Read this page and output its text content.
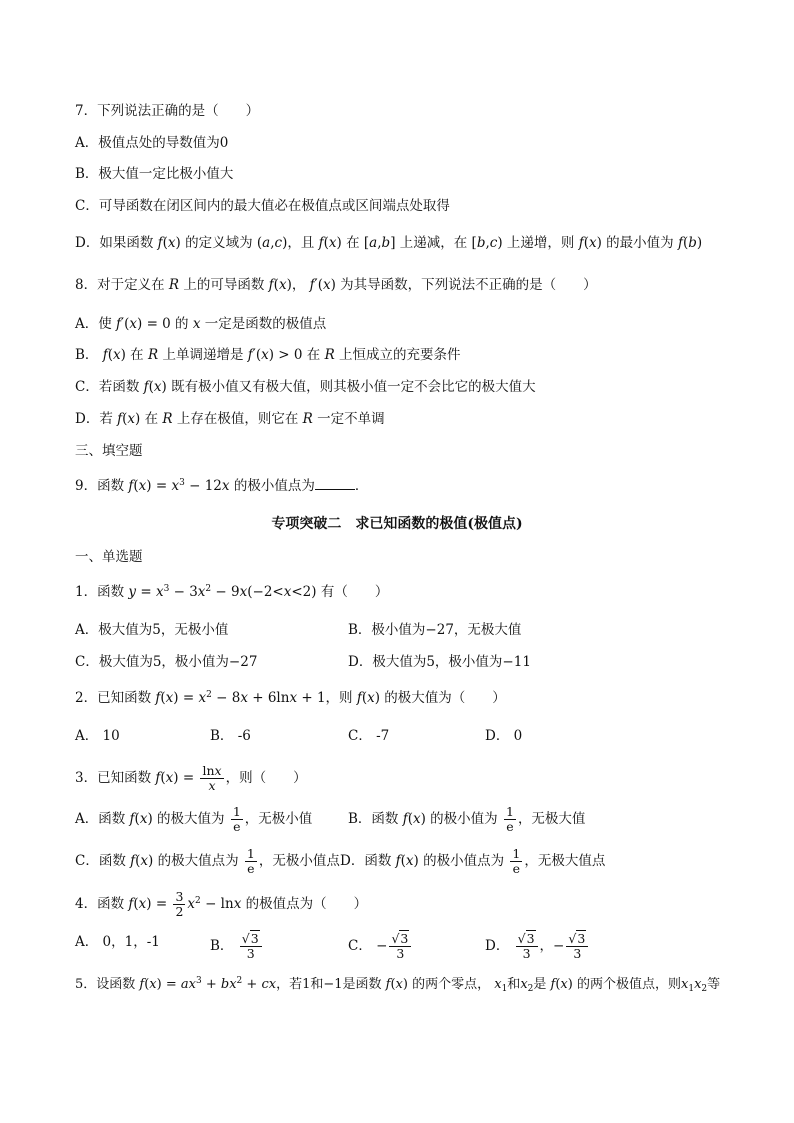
7．下列说法正确的是（　　）
A．极值点处的导数值为0
B．极大值一定比极小值大
C．可导函数在闭区间内的最大值必在极值点或区间端点处取得
D．如果函数 f(x) 的定义域为 (a,c)，且 f(x) 在 [a,b] 上递减，在 [b,c) 上递增，则 f(x) 的最小值为 f(b)
8．对于定义在 R 上的可导函数 f(x)， f′(x) 为其导函数，下列说法不正确的是（　　）
A．使 f′(x) = 0 的 x 一定是函数的极值点
B． f(x) 在 R 上单调递增是 f′(x) > 0 在 R 上恒成立的充要条件
C．若函数 f(x) 既有极小值又有极大值，则其极小值一定不会比它的极大值大
D．若 f(x) 在 R 上存在极值，则它在 R 一定不单调
三、填空题
9．函数 $f(x) = x^3 - 12x$ 的极小值点为	．
专项突破二　求已知函数的极值(极值点)
一、单选题
1．函数 $y = x^3 - 3x^2 - 9x(-2<x<2)$ 有（　　）
A．极大值为5，无极小值	B．极小值为−27，无极大值
C．极大值为5，极小值为−27	D．极大值为5，极小值为−11
2．已知函数 $f(x) = x^2 - 8x + 6\ln x + 1$，则 f(x) 的极大值为（　　）
A． 10	B． -6	C． -7	D． 0
3．已知函数 $f(x) = \frac{\ln x}{x}$ ，则（　　）
A．函数 f(x) 的极大值为 $\frac{1}{e}$ ，无极小值	B．函数 f(x) 的极小值为 $\frac{1}{e}$ ，无极大值
C．函数 f(x) 的极大值点为 $\frac{1}{e}$ ，无极小值点 D．函数 f(x) 的极小值点为 $\frac{1}{e}$ ，无极大值点
4．函数 $f(x) = \frac{3}{2} x^2 - \ln x$ 的极值点为（　　）
A． 0，1，-1	B． $\frac{√3}{3}$	C． − $\frac{√3}{3}$	D． $\frac{√3}{3}$ ，− $\frac{√3}{3}$
5．设函数 $f(x) = ax^3 + bx^2$ + cx，若1和−1是函数 f(x) 的两个零点， $x_1$和$x_2$是 f(x) 的两个极值点，则$x_1x_2$等
